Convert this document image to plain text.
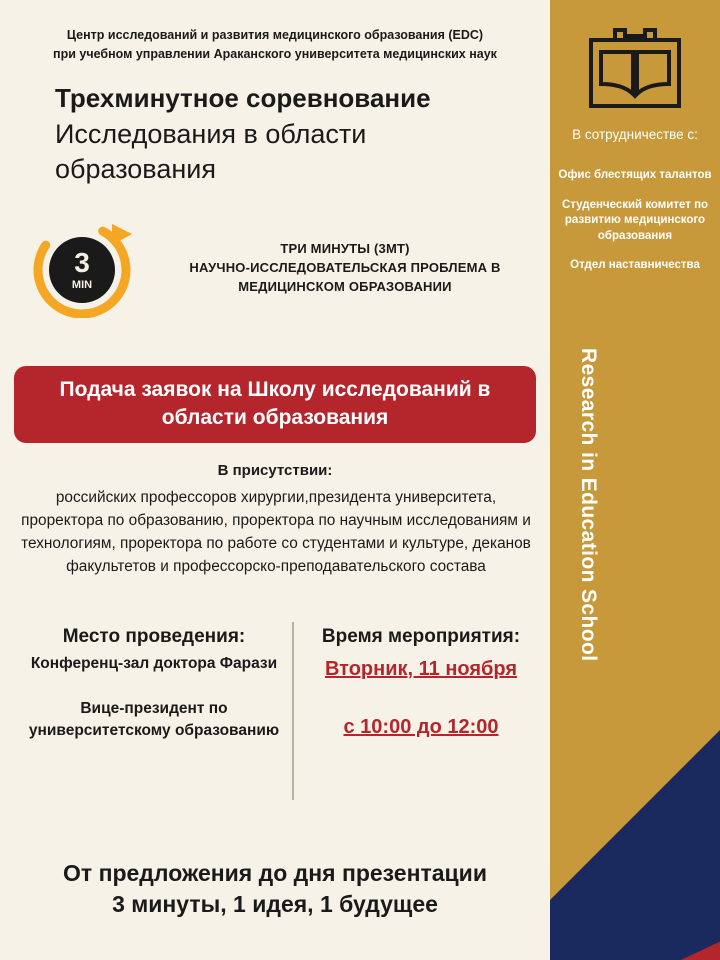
Центр исследований и развития медицинского образования (EDC)
при учебном управлении Араканского университета медицинских наук
Трехминутное соревнование
Исследования в области образования
3
MIN
ТРИ МИНУТЫ (3МТ)
НАУЧНО-ИССЛЕДОВАТЕЛЬСКАЯ ПРОБЛЕМА В МЕДИЦИНСКОМ ОБРАЗОВАНИИ
Подача заявок на Школу исследований в области образования
В присутствии:
российских профессоров хирургии,президента университета, проректора по образованию, проректора по научным исследованиям и технологиям, проректора по работе со студентами и культуре, деканов факультетов и профессорско-преподавательского состава
Место проведения:
Конференц-зал доктора Фарази
Вице-президент по университетскому образованию
Время мероприятия:
Вторник, 11 ноября
с 10:00 до 12:00
От предложения до дня презентации
3 минуты, 1 идея, 1 будущее
В сотрудничестве с:
Офис блестящих талантов
Студенческий комитет по развитию медицинского образования
Отдел наставничества
Research in Education School
